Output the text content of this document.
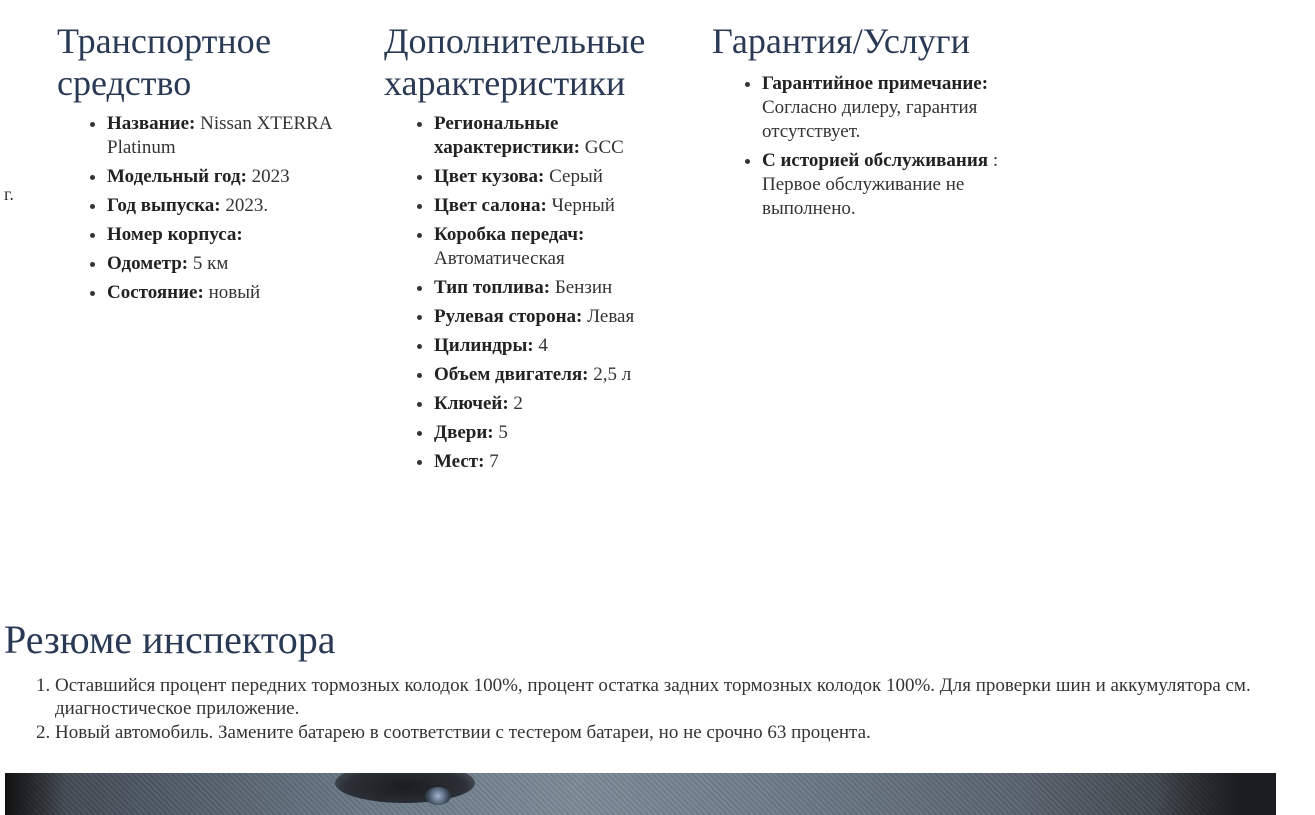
г.
Транспортное средство
• Название: Nissan XTERRA Platinum
• Модельный год: 2023
• Год выпуска: 2023.
• Номер корпуса:
• Одометр: 5 км
• Состояние: новый
Дополнительные характеристики
• Региональные характеристики: GCC
• Цвет кузова: Серый
• Цвет салона: Черный
• Коробка передач: Автоматическая
• Тип топлива: Бензин
• Рулевая сторона: Левая
• Цилиндры: 4
• Объем двигателя: 2,5 л
• Ключей: 2
• Двери: 5
• Мест: 7
Гарантия/Услуги
• Гарантийное примечание: Согласно дилеру, гарантия отсутствует.
• С историей обслуживания : Первое обслуживание не выполнено.
Резюме инспектора
1. Оставшийся процент передних тормозных колодок 100%, процент остатка задних тормозных колодок 100%. Для проверки шин и аккумулятора см. диагностическое приложение.
2. Новый автомобиль. Замените батарею в соответствии с тестером батареи, но не срочно 63 процента.
